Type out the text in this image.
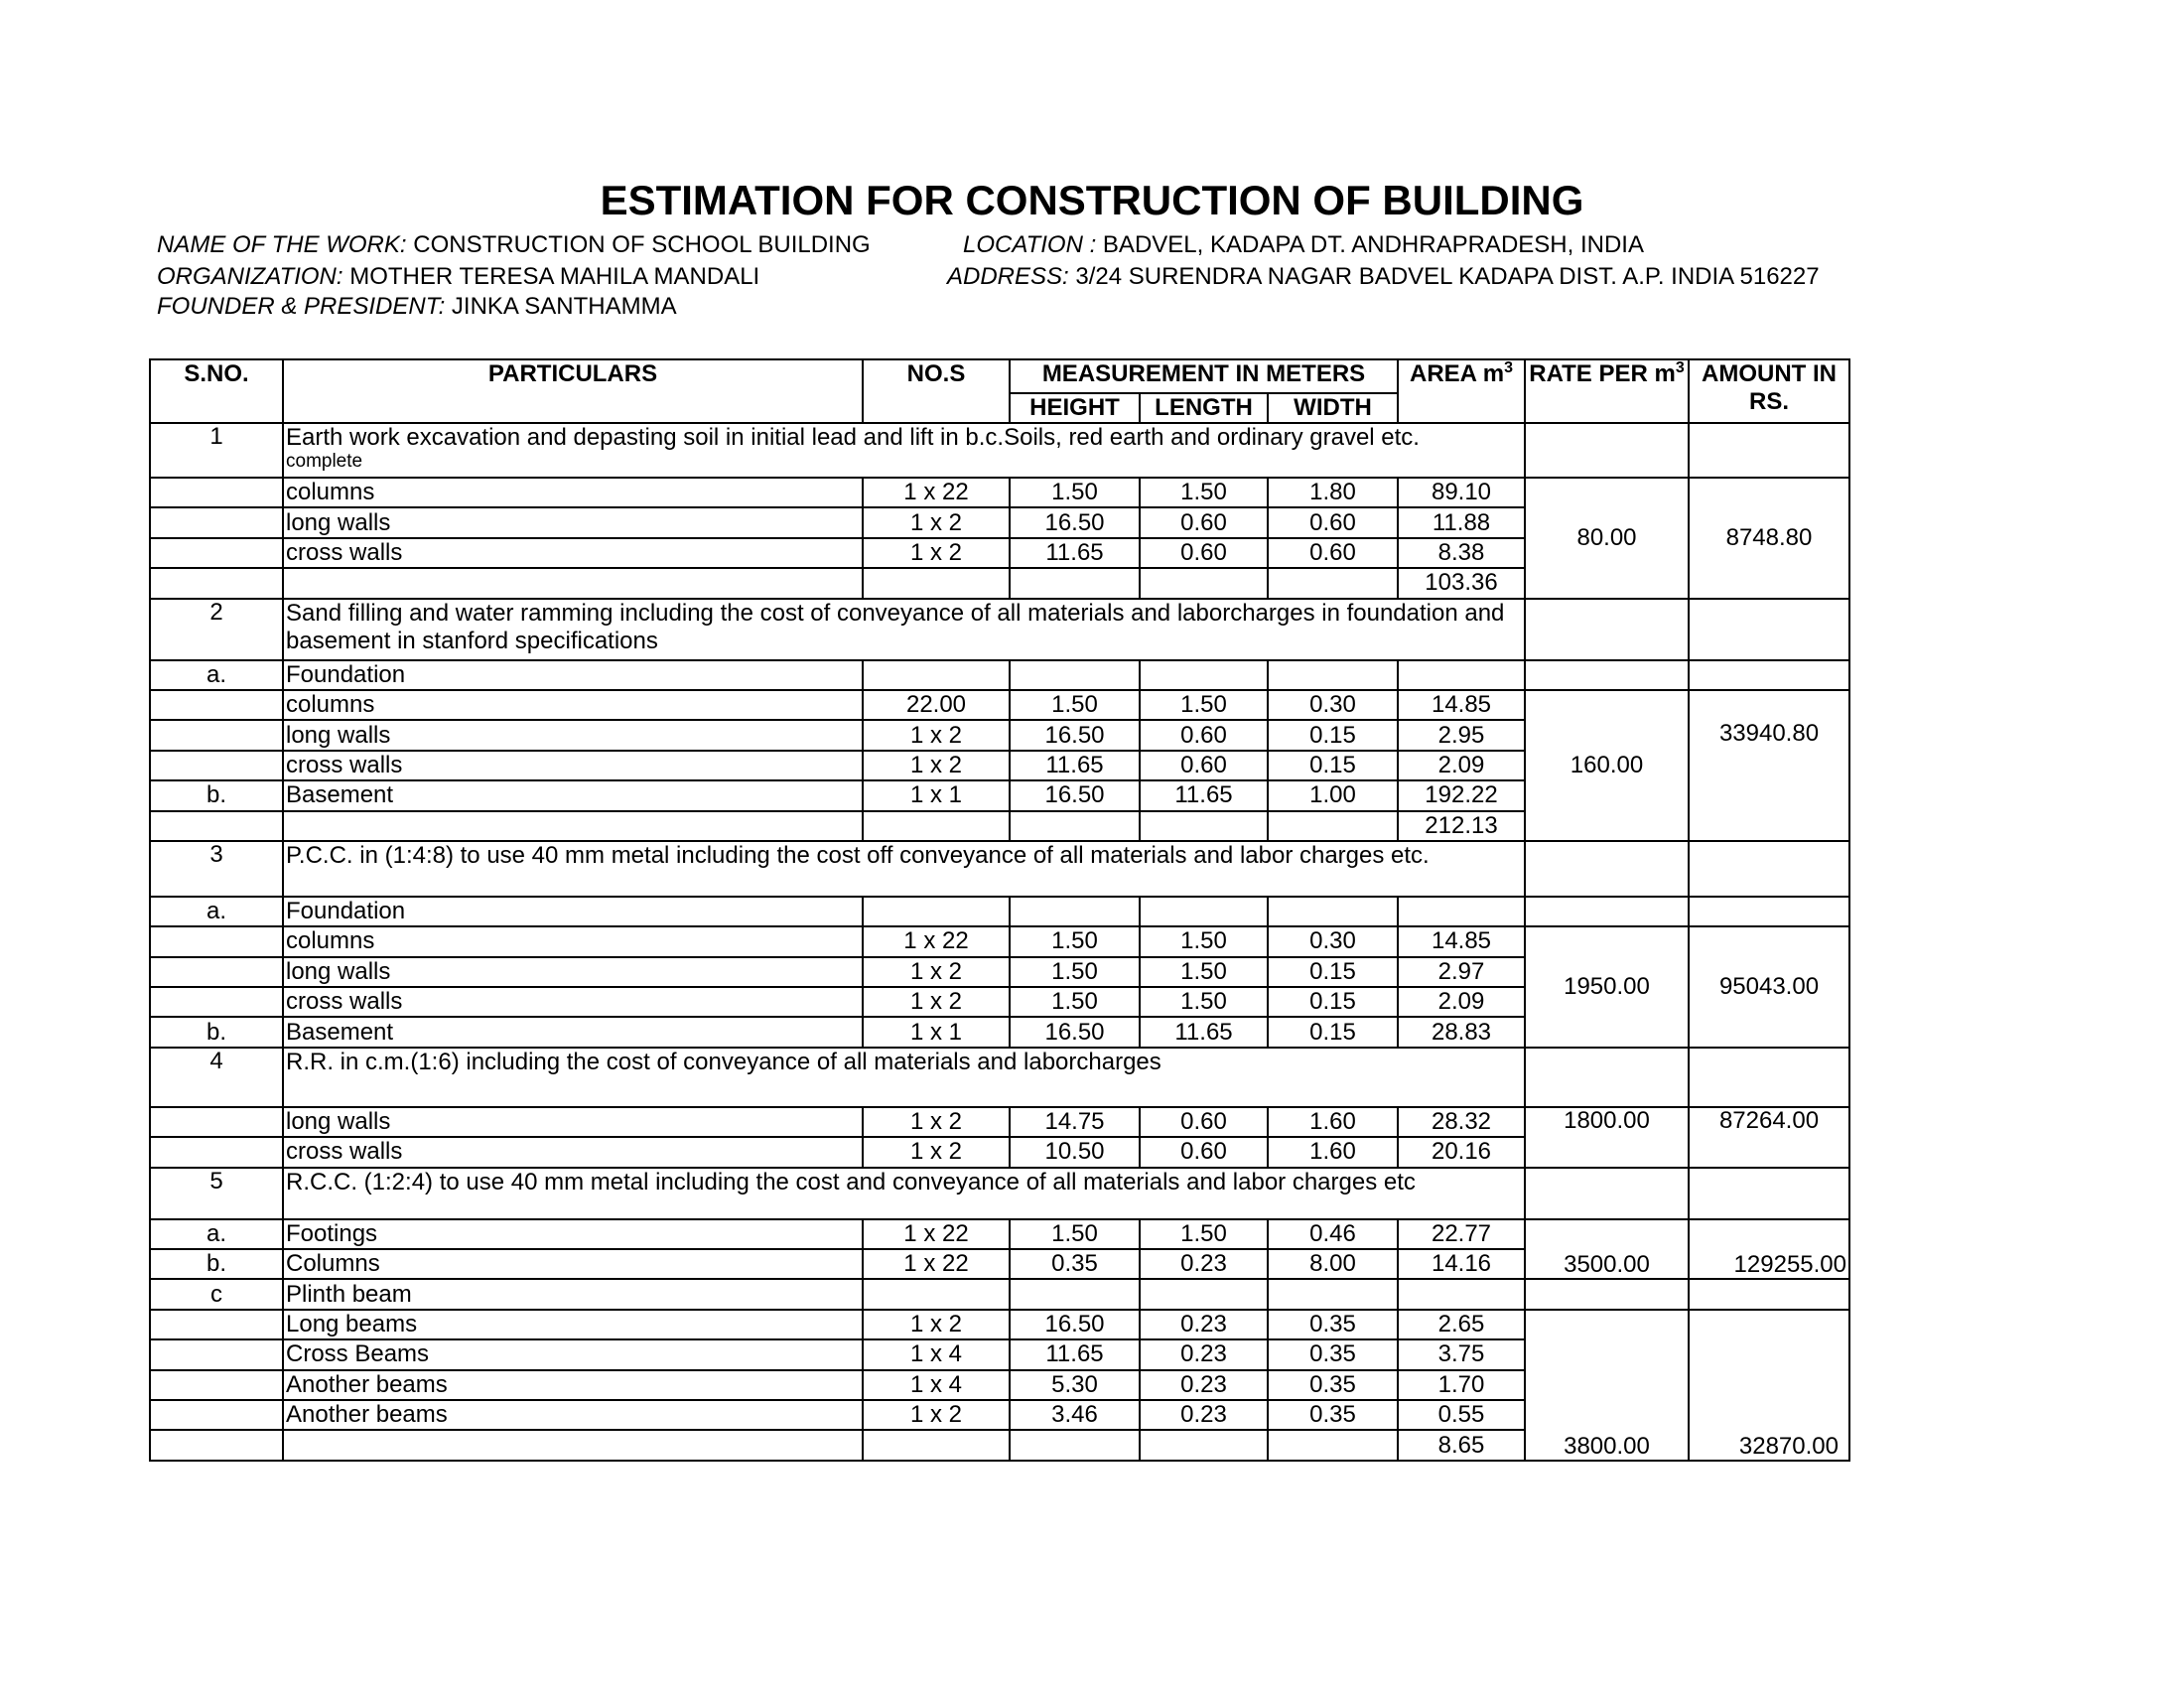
ESTIMATION FOR CONSTRUCTION OF BUILDING
NAME OF THE WORK: CONSTRUCTION OF SCHOOL BUILDING	LOCATION : BADVEL, KADAPA DT. ANDHRAPRADESH, INDIA
ORGANIZATION: MOTHER TERESA MAHILA MANDALI	ADDRESS: 3/24 SURENDRA NAGAR BADVEL KADAPA DIST. A.P. INDIA 516227
FOUNDER & PRESIDENT: JINKA SANTHAMMA
S.NO.	PARTICULARS	NO.S	MEASUREMENT IN METERS			AREA $m^3$	RATE PER $m^3$	AMOUNT IN RS.
			HEIGHT	LENGTH	WIDTH			
1	Earth work excavation and depasting soil in initial lead and lift in b.c.Soils, red earth and ordinary gravel etc.
complete							

	columns	1 x 22	1.50	1.50	1.80	89.10	80.00	8748.80
	long walls	1 x 2	16.50	0.60	0.60	11.88		
	cross walls	1 x 2	11.65	0.60	0.60	8.38		
						103.36		
2	Sand filling and water ramming including the cost of conveyance of all materials and laborcharges in foundation and basement in stanford specifications							
a.	Foundation							
	columns	22.00	1.50	1.50	0.30	14.85	160.00	33940.80
	long walls	1 x 2	16.50	0.60	0.15	2.95		
	cross walls	1 x 2	11.65	0.60	0.15	2.09		
b.	Basement	1 x 1	16.50	11.65	1.00	192.22		
						212.13		
3	P.C.C. in (1:4:8) to use 40 mm metal including the cost off conveyance of all materials and labor charges etc.							
a.	Foundation							
	columns	1 x 22	1.50	1.50	0.30	14.85	1950.00	95043.00
	long walls	1 x 2	1.50	1.50	0.15	2.97		
	cross walls	1 x 2	1.50	1.50	0.15	2.09		
b.	Basement	1 x 1	16.50	11.65	0.15	28.83		
4	R.R. in c.m.(1:6) including the cost of conveyance of all materials and laborcharges							
	long walls	1 x 2	14.75	0.60	1.60	28.32	1800.00	87264.00
	cross walls	1 x 2	10.50	0.60	1.60	20.16		
5	R.C.C. (1:2:4) to use 40 mm metal including the cost and conveyance of all materials and labor charges etc							
a.	Footings	1 x 22	1.50	1.50	0.46	22.77	3500.00	129255.00
b.	Columns	1 x 22	0.35	0.23	8.00	14.16		
c	Plinth beam							
	Long beams	1 x 2	16.50	0.23	0.35	2.65	3800.00	32870.00
	Cross Beams	1 x 4	11.65	0.23	0.35	3.75		
	Another beams	1 x 4	5.30	0.23	0.35	1.70		
	Another beams	1 x 2	3.46	0.23	0.35	0.55		
						8.65		
